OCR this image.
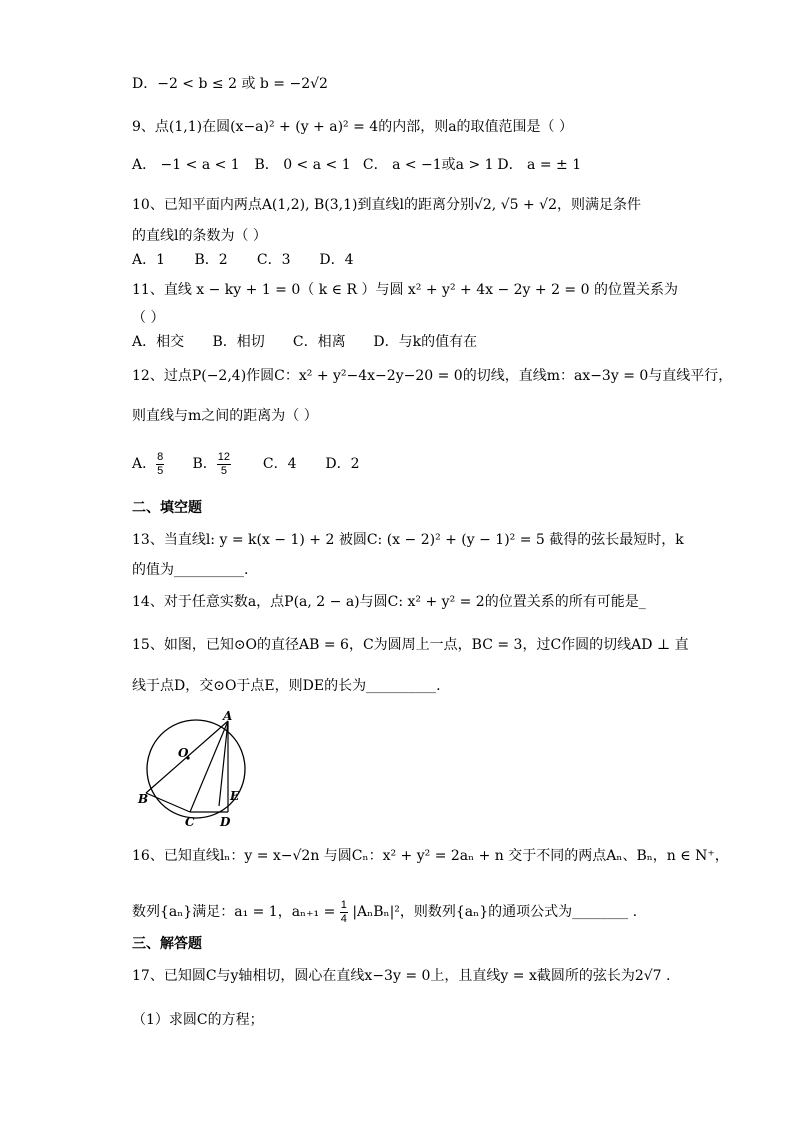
D．−2 < b ≤ 2 或 b = −2√2
9、点(1,1)在圆(x−a)² + (y + a)² = 4的内部，则a的取值范围是（ ）
A． −1 < a < 1 B． 0 < a < 1 C． a < −1或a > 1 D． a = ± 1
10、已知平面内两点A(1,2), B(3,1)到直线l的距离分别√2, √5 + √2，则满足条件
的直线l的条数为（ ）
A．1 B．2 C．3 D．4
11、直线 x − ky + 1 = 0（ k ∈ R ）与圆 x² + y² + 4x − 2y + 2 = 0 的位置关系为
（ ）
A．相交 B．相切 C．相离 D．与k的值有在
12、过点P(−2,4)作圆C：x² + y²−4x−2y−20 = 0的切线，直线m：ax−3y = 0与直线平行，
则直线与m之间的距离为（ ）
A． $\frac{8}{5}$ B． $\frac{12}{5}$ C．4 D．2
二、填空题
13、当直线l: y = k(x − 1) + 2 被圆C: (x − 2)² + (y − 1)² = 5 截得的弦长最短时，k
的值为__________.
14、对于任意实数a，点P(a, 2 − a)与圆C: x² + y² = 2的位置关系的所有可能是_
15、如图，已知⊙O的直径AB = 6，C为圆周上一点，BC = 3，过C作圆的切线AD ⊥ 直
线于点D，交⊙O于点E，则DE的长为__________.
A
O
B	E
C D
16、已知直线lₙ：y = x−√2n 与圆Cₙ：x² + y² = 2aₙ + n 交于不同的两点Aₙ、Bₙ，n ∈ N⁺，
数列{aₙ}满足：a₁ = 1，$a_{n+1} = \frac{1}{4} |A_nB_n|^2$，则数列{aₙ}的通项公式为________ .
三、解答题
17、已知圆C与y轴相切，圆心在直线x−3y = 0上，且直线y = x截圆所的弦长为2√7 .
（1）求圆C的方程；
